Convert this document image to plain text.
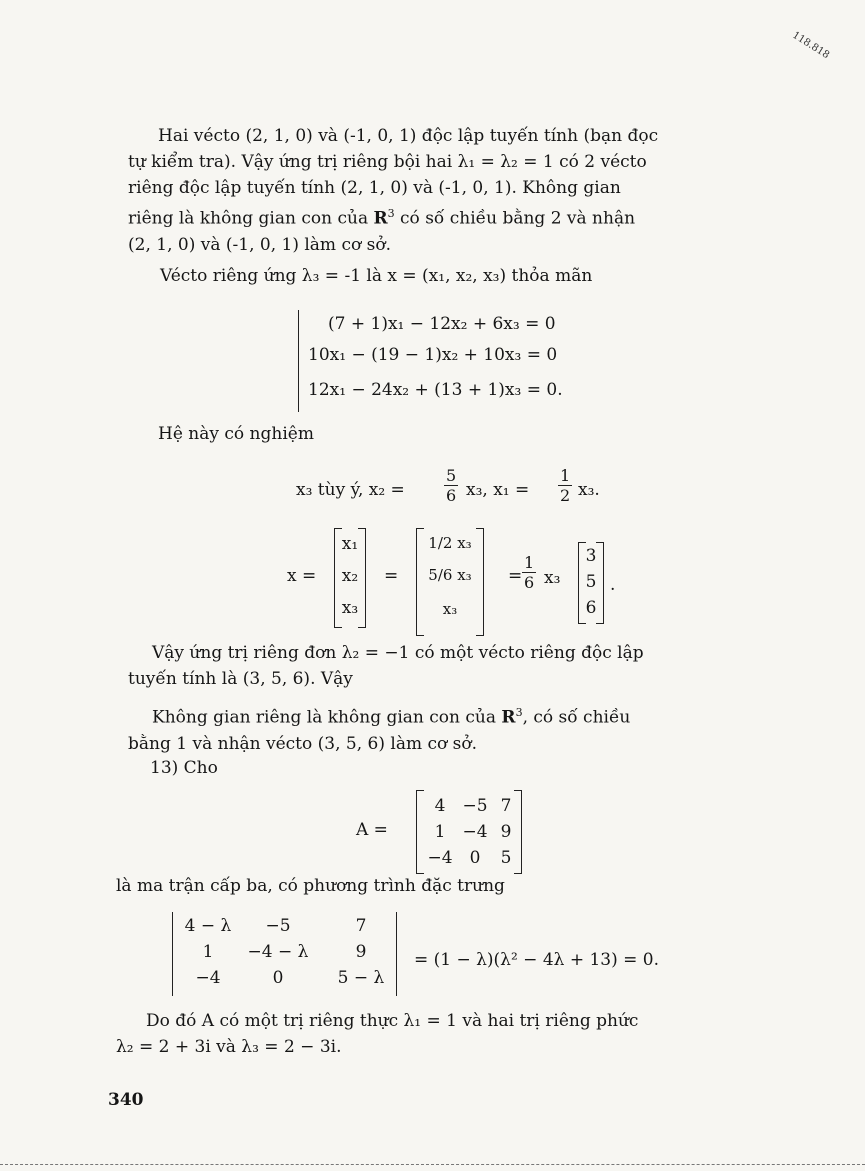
118.818
Hai vécto (2, 1, 0) và (-1, 0, 1) độc lập tuyến tính (bạn đọc
tự kiểm tra). Vậy ứng trị riêng bội hai λ₁ = λ₂ = 1 có 2 vécto
riêng độc lập tuyến tính (2, 1, 0) và (-1, 0, 1). Không gian
riêng là không gian con của $R^3$ có số chiều bằng 2 và nhận
(2, 1, 0) và (-1, 0, 1) làm cơ sở.
Vécto riêng ứng λ₃ = -1 là x = (x₁, x₂, x₃) thỏa mãn
(7 + 1)x₁ − 12x₂ + 6x₃ = 0
10x₁ − (19 − 1)x₂ + 10x₃ = 0
12x₁ − 24x₂ + (13 + 1)x₃ = 0.
Hệ này có nghiệm
x₃ tùy ý, $x_2 = \frac{5}{6} x_3$, $x_1 = \frac{1}{2} x_3$.
x =
x₁
x₂
x₃
=
1/2 x₃
5/6 x₃
x₃
= $\frac{1}{6} x_3$
3
5
6
.
Vậy ứng trị riêng đơn λ₂ = −1 có một vécto riêng độc lập
tuyến tính là (3, 5, 6). Vậy
Không gian riêng là không gian con của $R^3$, có số chiều
bằng 1 và nhận vécto (3, 5, 6) làm cơ sở.
13) Cho
A =
4	−5 7
1	−4 9
−4	0	5
là ma trận cấp ba, có phương trình đặc trưng
4 − λ	−5	7
1	−4 − λ	9
−4	0	5 − λ
= (1 − λ)(λ² − 4λ + 13) = 0.
Do đó A có một trị riêng thực λ₁ = 1 và hai trị riêng phức
λ₂ = 2 + 3i và λ₃ = 2 − 3i.
340
